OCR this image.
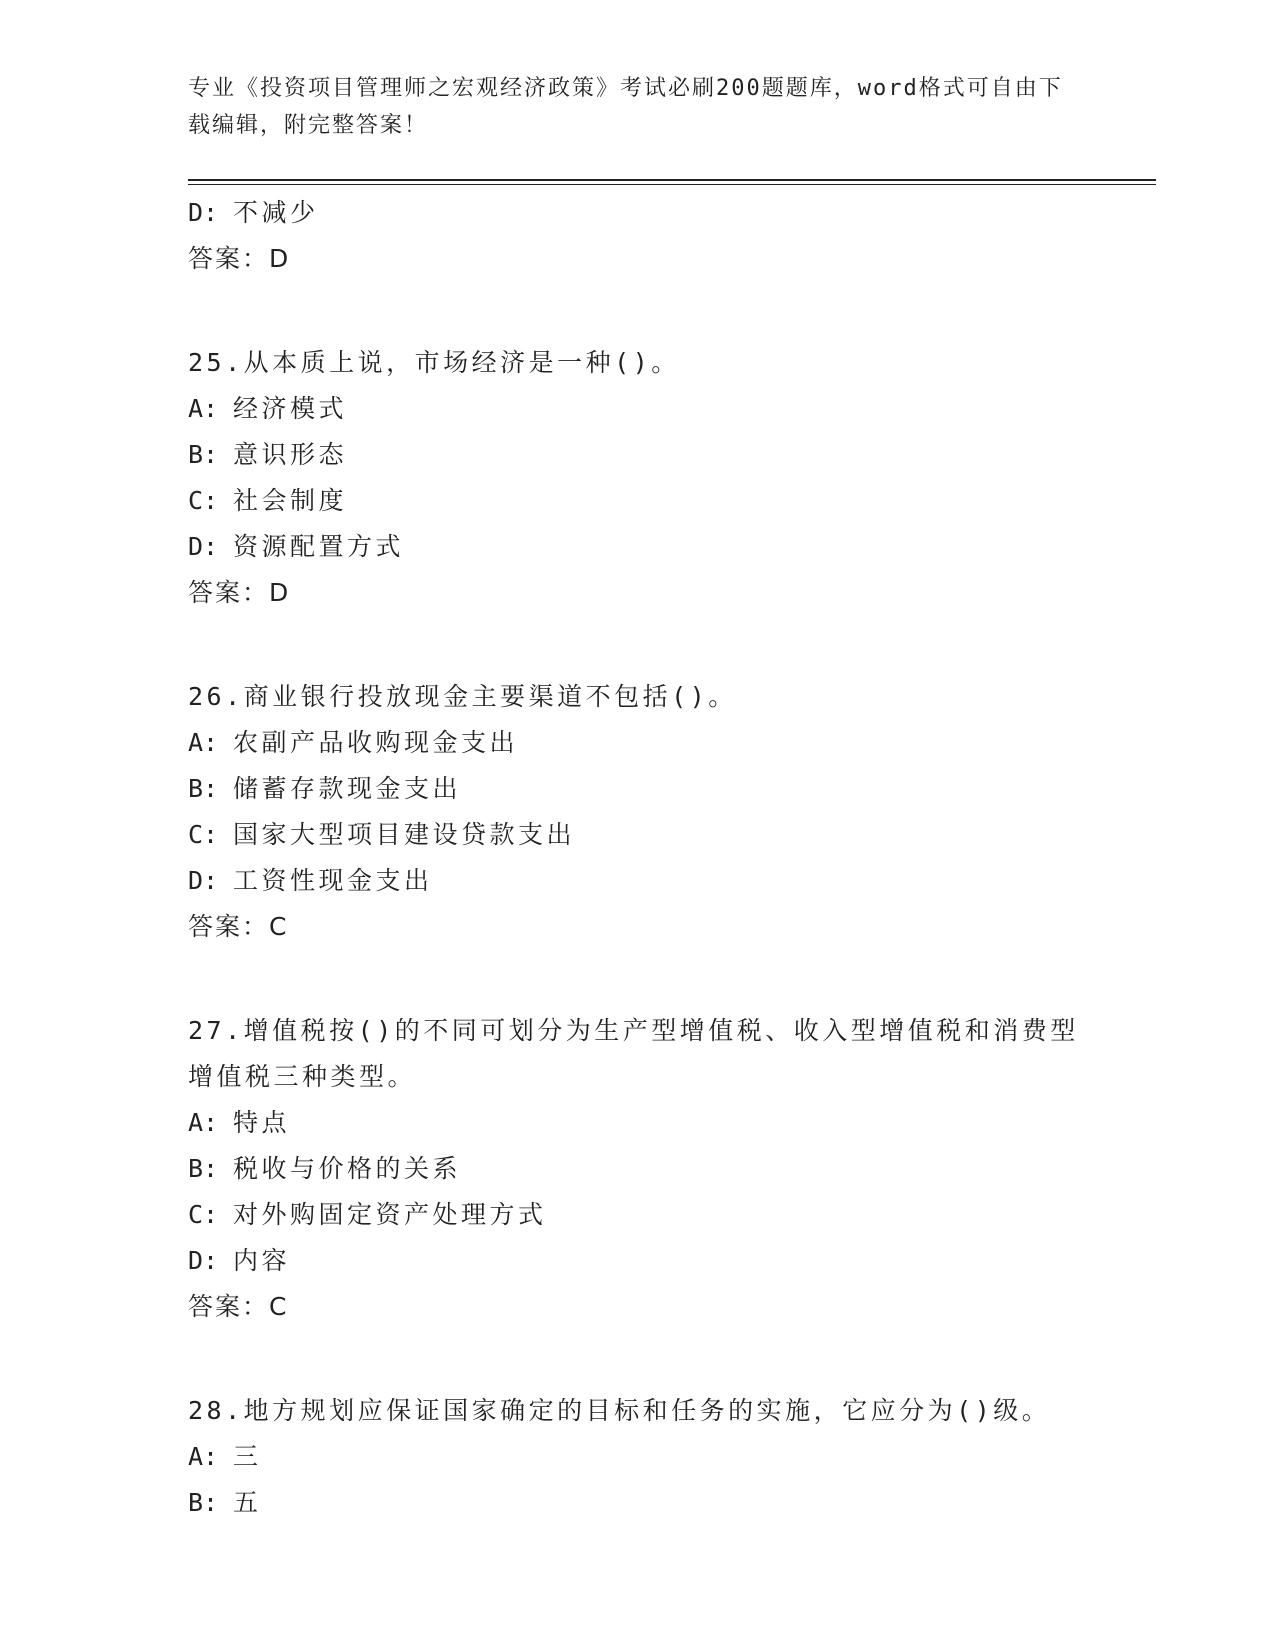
专业《投资项目管理师之宏观经济政策》考试必刷200题题库，word格式可自由下载编辑，附完整答案！
D: 不减少
答案：D
25.从本质上说，市场经济是一种()。
A: 经济模式
B: 意识形态
C: 社会制度
D: 资源配置方式
答案：D
26.商业银行投放现金主要渠道不包括()。
A: 农副产品收购现金支出
B: 储蓄存款现金支出
C: 国家大型项目建设贷款支出
D: 工资性现金支出
答案：C
27.增值税按()的不同可划分为生产型增值税、收入型增值税和消费型增值税三种类型。
A: 特点
B: 税收与价格的关系
C: 对外购固定资产处理方式
D: 内容
答案：C
28.地方规划应保证国家确定的目标和任务的实施，它应分为()级。
A: 三
B: 五
